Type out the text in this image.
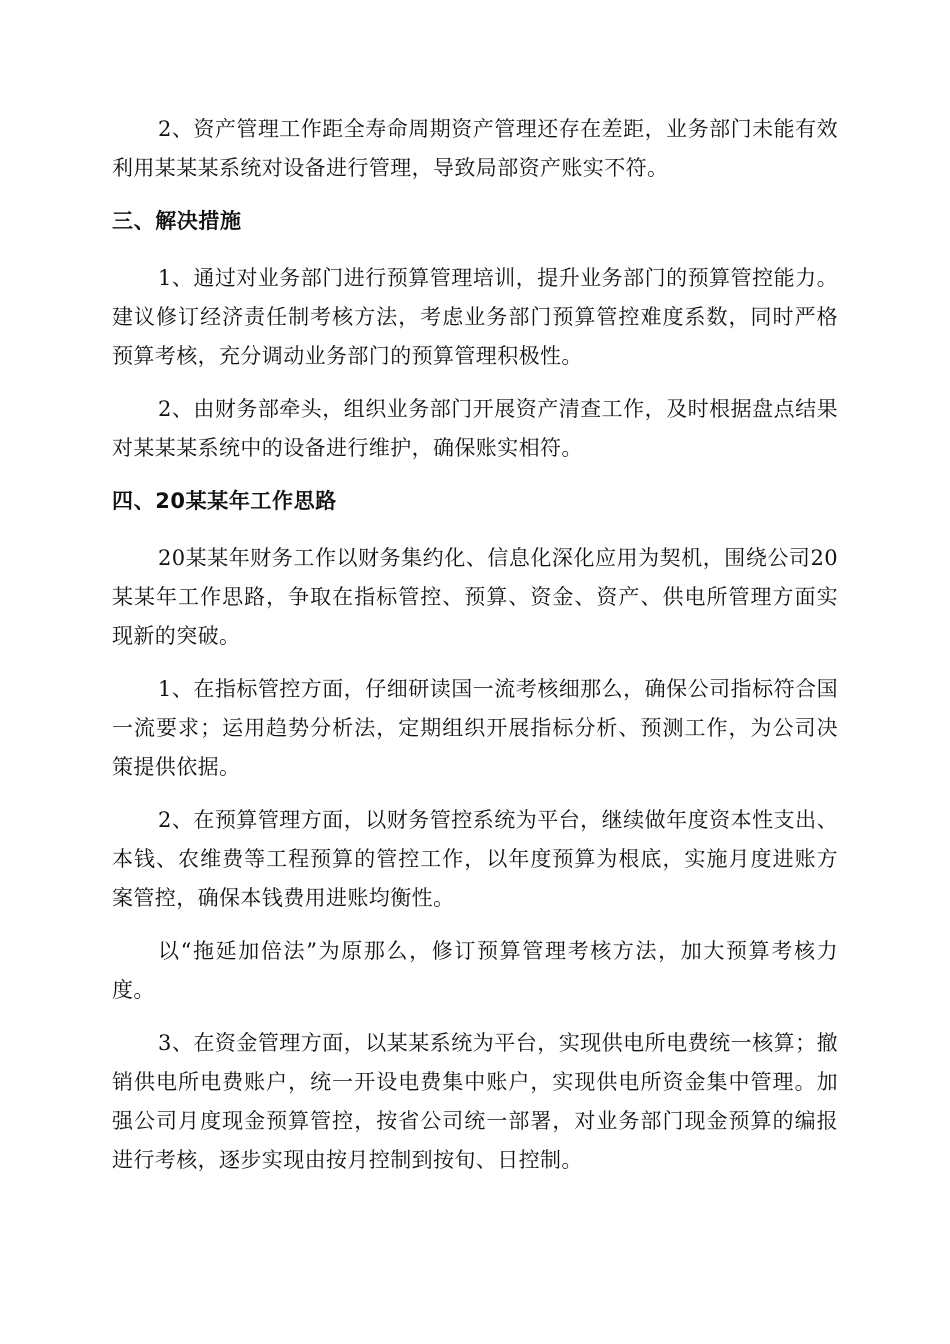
2、资产管理工作距全寿命周期资产管理还存在差距，业务部门未能有效利用某某某系统对设备进行管理，导致局部资产账实不符。

三、解决措施

1、通过对业务部门进行预算管理培训，提升业务部门的预算管控能力。建议修订经济责任制考核方法，考虑业务部门预算管控难度系数，同时严格预算考核，充分调动业务部门的预算管理积极性。

2、由财务部牵头，组织业务部门开展资产清查工作，及时根据盘点结果对某某某系统中的设备进行维护，确保账实相符。

四、20某某年工作思路

20某某年财务工作以财务集约化、信息化深化应用为契机，围绕公司20某某年工作思路，争取在指标管控、预算、资金、资产、供电所管理方面实现新的突破。

1、在指标管控方面，仔细研读国一流考核细那么，确保公司指标符合国一流要求；运用趋势分析法，定期组织开展指标分析、预测工作，为公司决策提供依据。

2、在预算管理方面，以财务管控系统为平台，继续做年度资本性支出、本钱、农维费等工程预算的管控工作，以年度预算为根底，实施月度进账方案管控，确保本钱费用进账均衡性。

以“拖延加倍法”为原那么，修订预算管理考核方法，加大预算考核力度。

3、在资金管理方面，以某某系统为平台，实现供电所电费统一核算；撤销供电所电费账户，统一开设电费集中账户，实现供电所资金集中管理。加强公司月度现金预算管控，按省公司统一部署，对业务部门现金预算的编报进行考核，逐步实现由按月控制到按旬、日控制。
